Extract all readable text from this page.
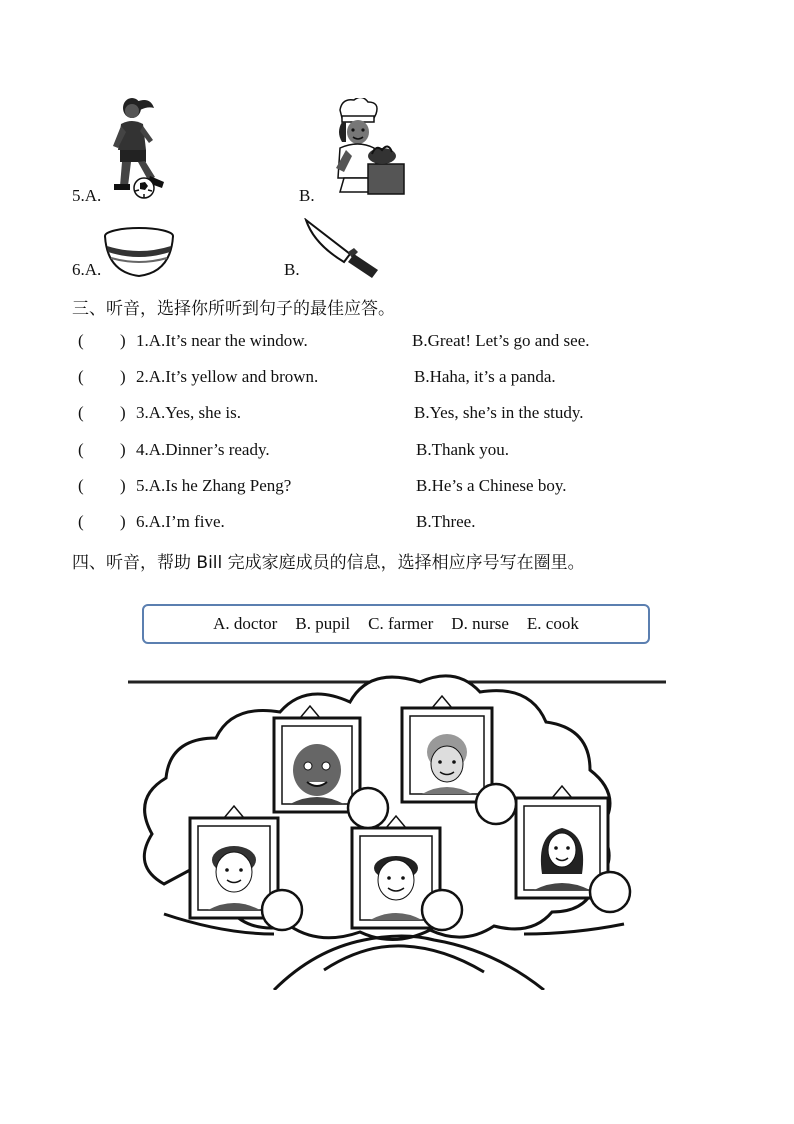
5.A.	B.
6.A.	B.
三、听音，选择你所听到句子的最佳应答。
( ) 1.A.It’s near the window.	B.Great! Let’s go and see.
( ) 2.A.It’s yellow and brown.	B.Haha, it’s a panda.
( ) 3.A.Yes, she is.	B.Yes, she’s in the study.
( ) 4.A.Dinner’s ready.	B.Thank you.
( ) 5.A.Is he Zhang Peng?	B.He’s a Chinese boy.
( ) 6.A.I’m five.	B.Three.
四、听音，帮助 Bill 完成家庭成员的信息，选择相应序号写在圈里。
A. doctor B. pupil C. farmer D. nurse E. cook
